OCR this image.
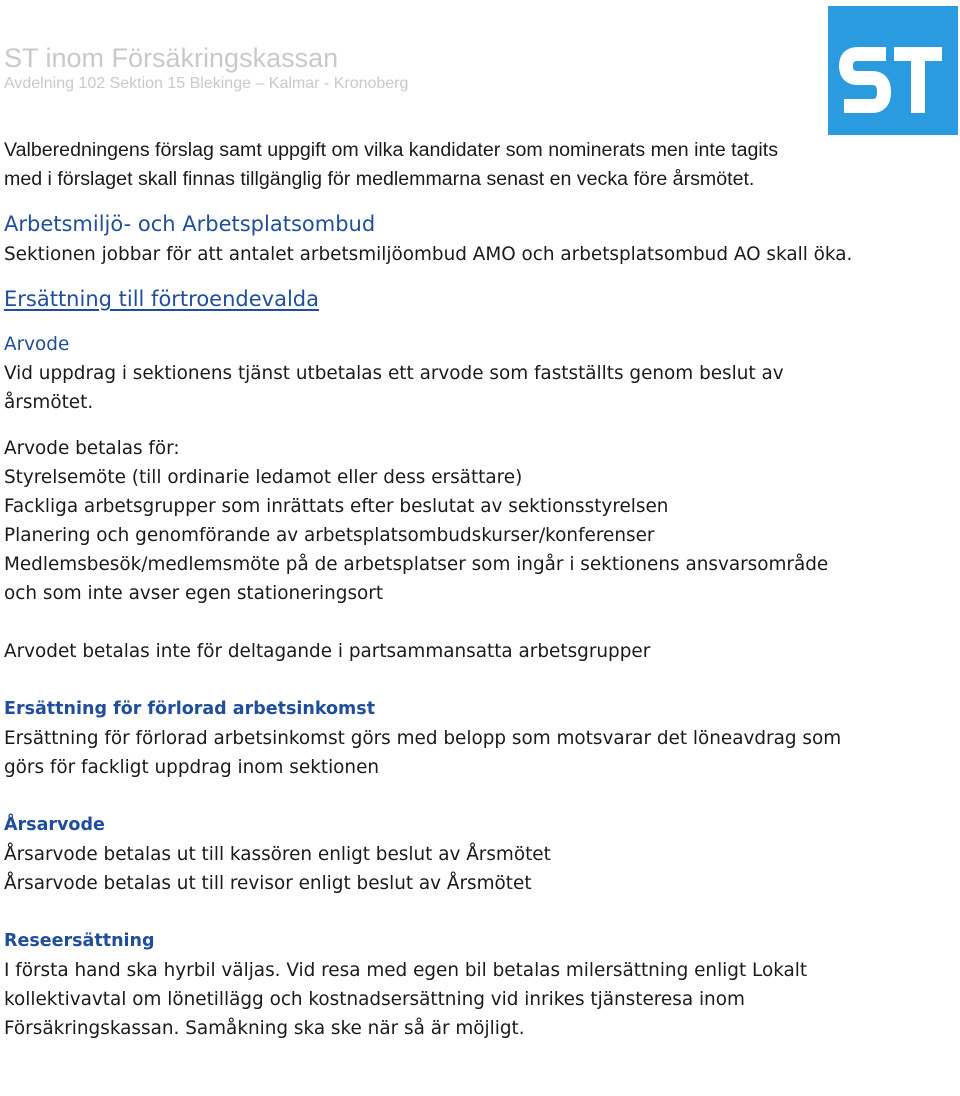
ST inom Försäkringskassan
Avdelning 102 Sektion 15 Blekinge – Kalmar - Kronoberg
Valberedningens förslag samt uppgift om vilka kandidater som nominerats men inte tagits
med i förslaget skall finnas tillgänglig för medlemmarna senast en vecka före årsmötet.
Arbetsmiljö- och Arbetsplatsombud
Sektionen jobbar för att antalet arbetsmiljöombud AMO och arbetsplatsombud AO skall öka.
Ersättning till förtroendevalda
Arvode
Vid uppdrag i sektionens tjänst utbetalas ett arvode som fastställts genom beslut av
årsmötet.
Arvode betalas för:
Styrelsemöte (till ordinarie ledamot eller dess ersättare)
Fackliga arbetsgrupper som inrättats efter beslutat av sektionsstyrelsen
Planering och genomförande av arbetsplatsombudskurser/konferenser
Medlemsbesök/medlemsmöte på de arbetsplatser som ingår i sektionens ansvarsområde
och som inte avser egen stationeringsort
Arvodet betalas inte för deltagande i partsammansatta arbetsgrupper
Ersättning för förlorad arbetsinkomst
Ersättning för förlorad arbetsinkomst görs med belopp som motsvarar det löneavdrag som
görs för fackligt uppdrag inom sektionen
Årsarvode
Årsarvode betalas ut till kassören enligt beslut av Årsmötet
Årsarvode betalas ut till revisor enligt beslut av Årsmötet
Reseersättning
I första hand ska hyrbil väljas. Vid resa med egen bil betalas milersättning enligt Lokalt
kollektivavtal om lönetillägg och kostnadsersättning vid inrikes tjänsteresa inom
Försäkringskassan. Samåkning ska ske när så är möjligt.
